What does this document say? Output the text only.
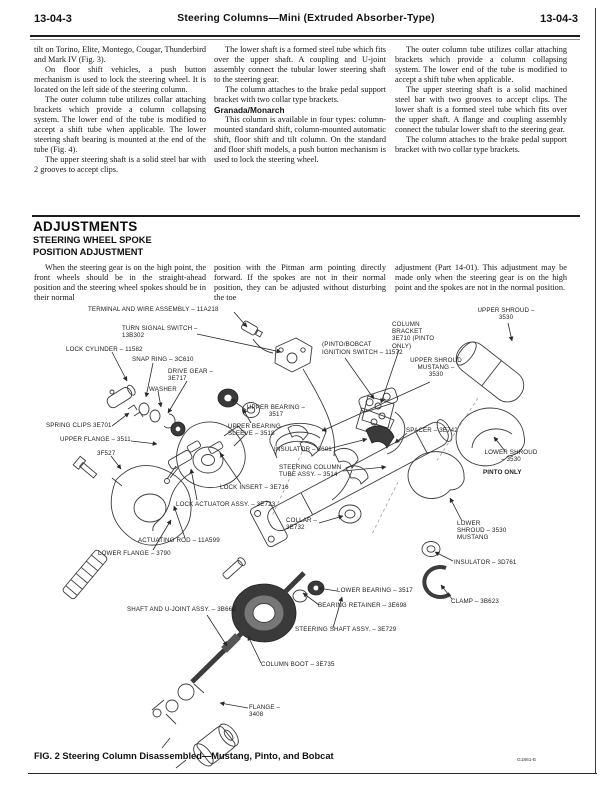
13-04-3	Steering Columns—Mini (Extruded Absorber-Type)	13-04-3

tilt on Torino, Elite, Montego, Cougar, Thunderbird and Mark IV (Fig. 3).

On floor shift vehicles, a push button mechanism is used to lock the steering wheel. It is located on the left side of the steering column.

The outer column tube utilizes collar attaching brackets which provide a column collapsing system. The lower end of the tube is modified to accept a shift tube when applicable. The lower steering shaft bearing is mounted at the end of the tube (Fig. 4).

The upper steering shaft is a solid steel bar with 2 grooves to accept clips.

The lower shaft is a formed steel tube which fits over the upper shaft. A coupling and U-joint assembly connect the tubular lower steering shaft to the steering gear.

The column attaches to the brake pedal support bracket with two collar type brackets.

Granada/Monarch

This column is available in four types: column-mounted standard shift, column-mounted automatic shift, floor shift and tilt column. On the standard and floor shift models, a push button mechanism is used to lock the steering wheel.

The outer column tube utilizes collar attaching brackets which provide a column collapsing system. The lower end of the tube is modified to accept a shift tube when applicable.

The upper steering shaft is a solid machined steel bar with two grooves to accept clips. The lower shaft is a formed steel tube which fits over the upper shaft. A flange and coupling assembly connect the tubular lower shaft to the steering gear.

The column attaches to the brake pedal support bracket with two collar type brackets.

ADJUSTMENTS
STEERING WHEEL SPOKE POSITION ADJUSTMENT

When the steering gear is on the high point, the front wheels should be in the straight-ahead position and the steering wheel spokes should be in their normal

position with the Pitman arm pointing directly forward. If the spokes are not in their normal position, they can be adjusted without disturbing the toe

adjustment (Part 14-01). This adjustment may be made only when the steering gear is on the high point and the spokes are not in the normal position.

TERMINAL AND WIRE ASSEMBLY – 11A218
TURN SIGNAL SWITCH – 13B302
LOCK CYLINDER – 11582
SNAP RING – 3C610
DRIVE GEAR – 3E717
WASHER
(PINTO/BOBCAT
IGNITION SWITCH – 11572
COLUMN BRACKET 3E710 (PINTO ONLY)
UPPER SHROUD – 3530
UPPER SHROUD MUSTANG – 3530
SPRING CLIPS 3E701
UPPER FLANGE – 3511
3F527
UPPER BEARING – 3517
UPPER BEARING SLEEVE – 3518	SPACER – 3E742
INSULATOR – 3601	LOWER SHROUD – 3530
PINTO ONLY
STEERING COLUMN TUBE ASSY. – 3514
LOCK INSERT – 3E716
LOCK ACTUATOR ASSY. – 3E723
COLLAR – 3E732
LOWER SHROUD – 3530 MUSTANG
ACTUATING ROD – 11A599
LOWER FLANGE – 3790
INSULATOR – 3D761
LOWER BEARING – 3517
BEARING RETAINER – 3E698
CLAMP – 3B623
SHAFT AND U-JOINT ASSY. – 3B662
STEERING SHAFT ASSY. – 3E729
COLUMN BOOT – 3E735
FLANGE – 3408
FIG. 2 Steering Column Disassembled—Mustang, Pinto, and Bobcat	G1861-E
